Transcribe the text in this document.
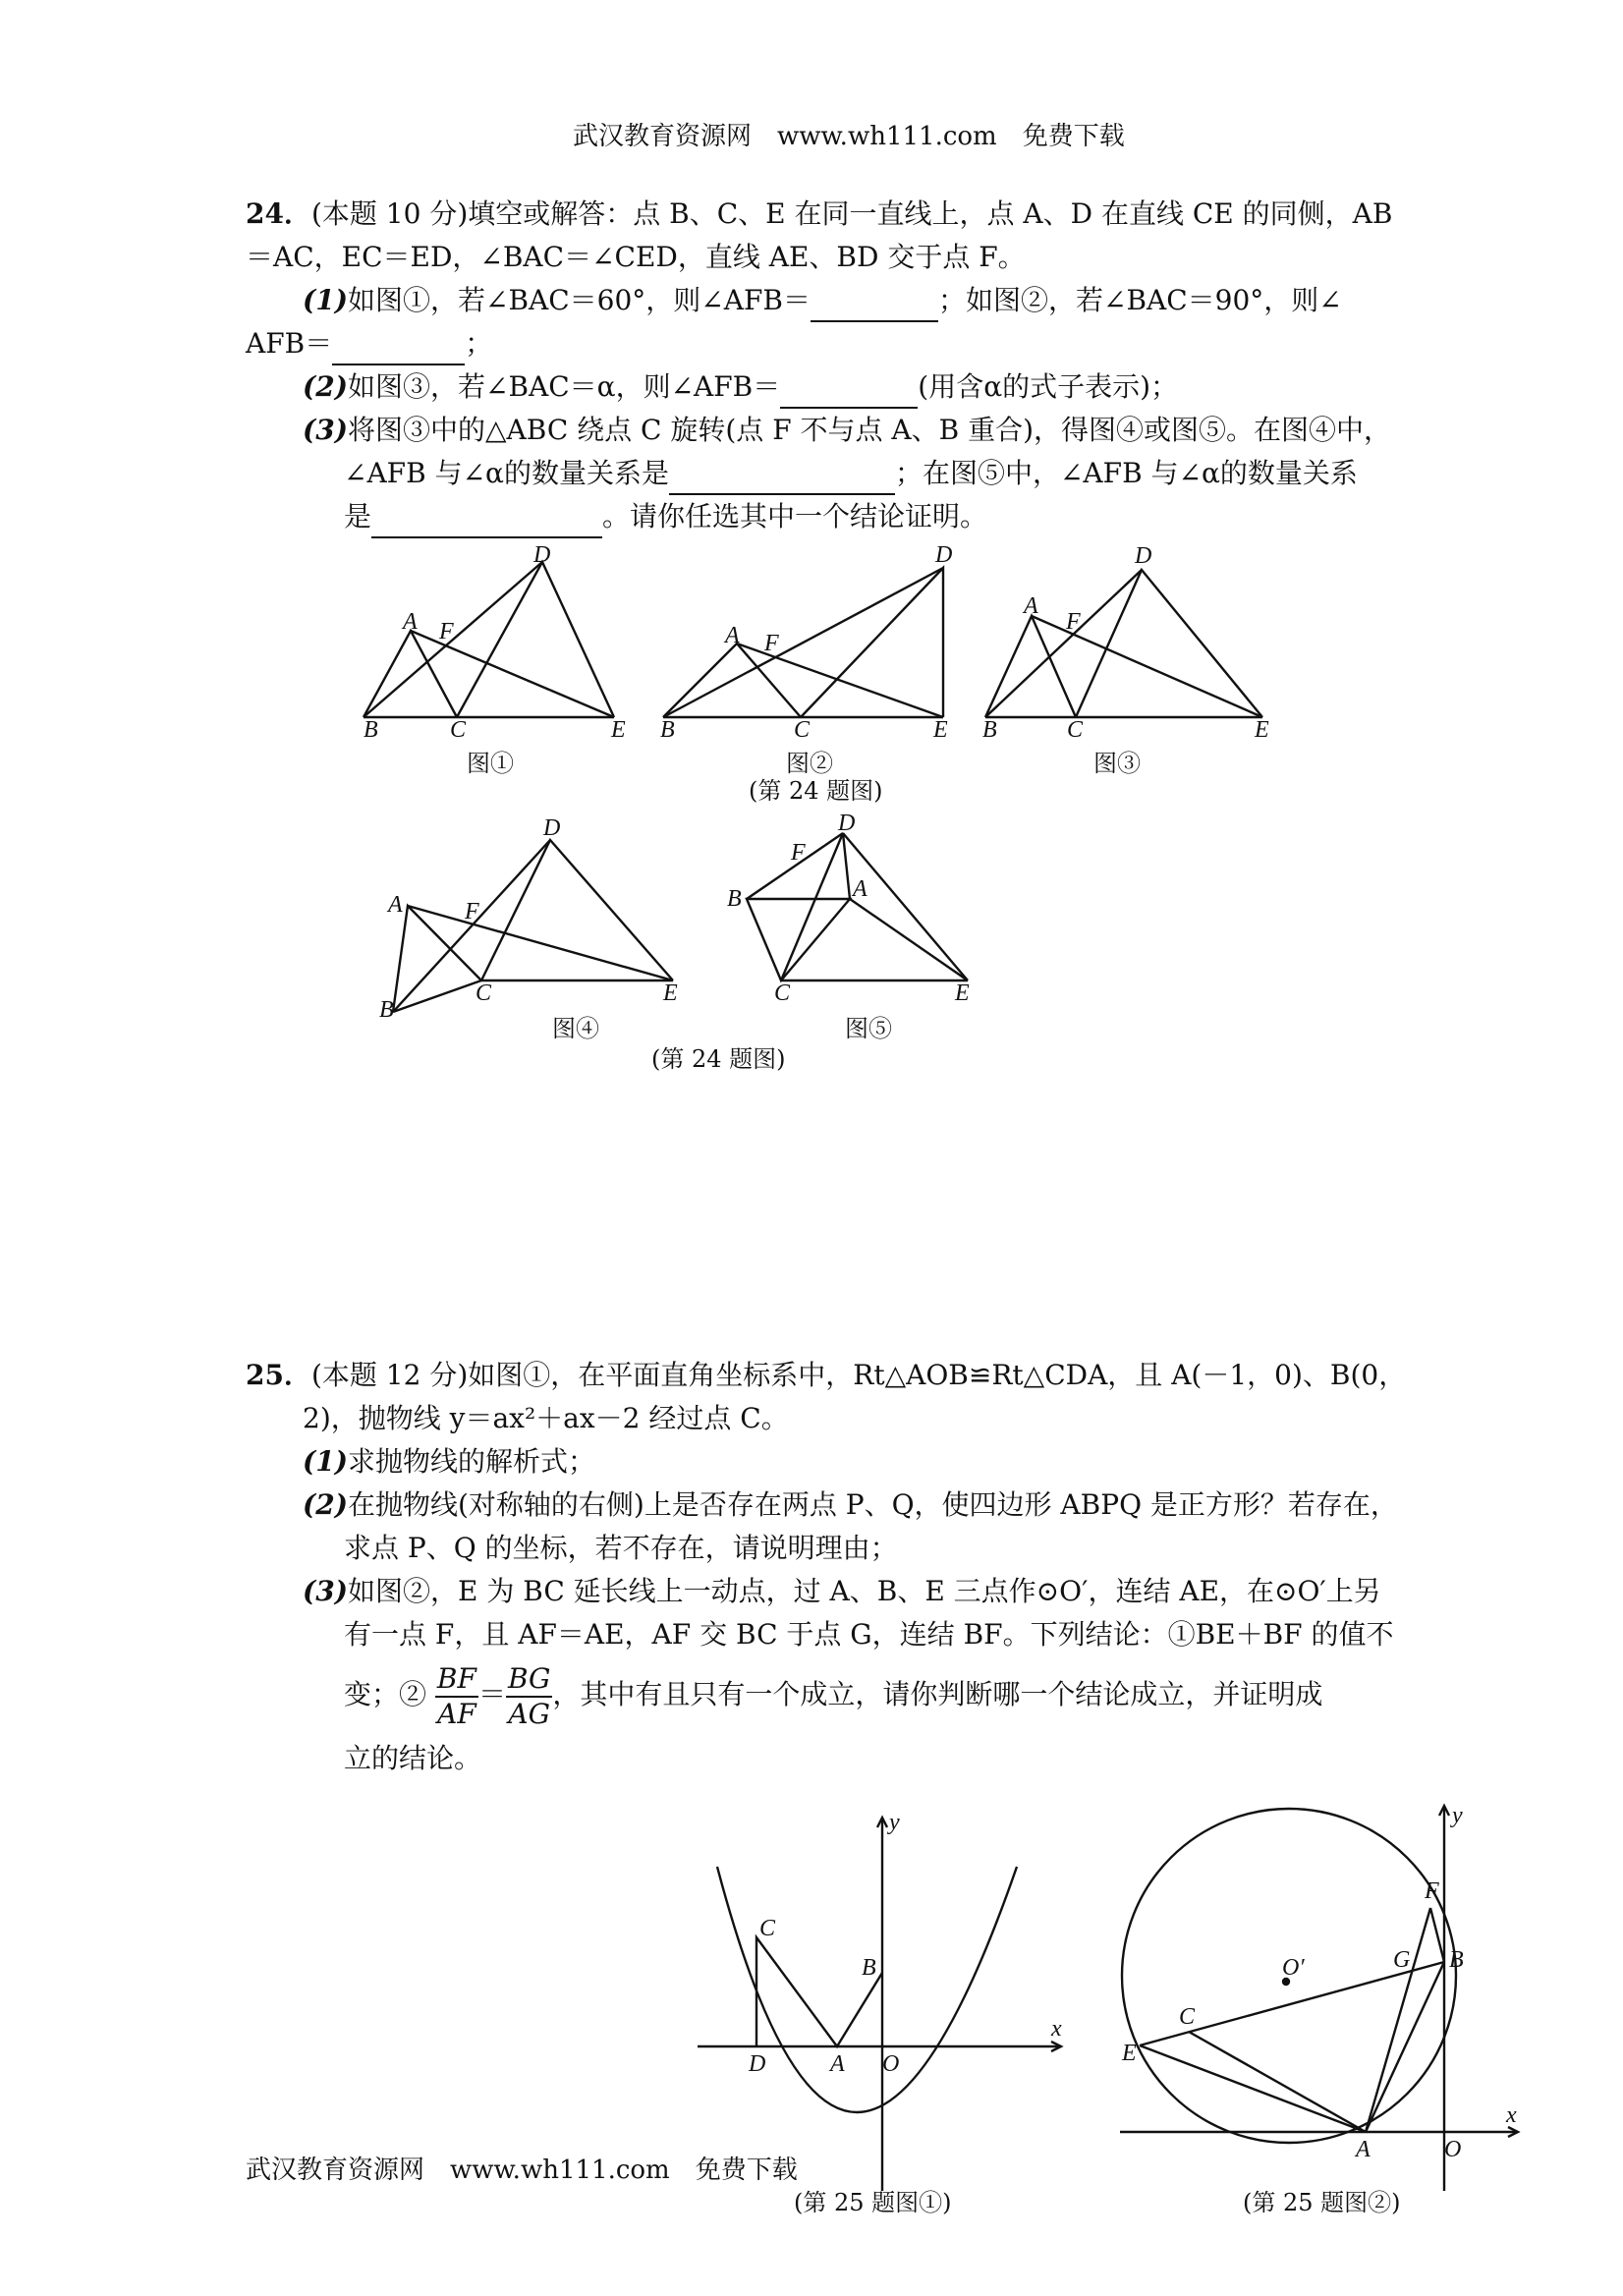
武汉教育资源网　www.wh111.com　免费下载
24．(本题 10 分)填空或解答：点 B、C、E 在同一直线上，点 A、D 在直线 CE 的同侧，AB
＝AC，EC＝ED，∠BAC＝∠CED，直线 AE、BD 交于点 F。
(1)如图①，若∠BAC＝60°，则∠AFB＝	；如图②，若∠BAC＝90°，则∠
AFB＝	；
(2)如图③，若∠BAC＝α，则∠AFB＝	(用含α的式子表示)；
(3)将图③中的△ABC 绕点 C 旋转(点 F 不与点 A、B 重合)，得图④或图⑤。在图④中，
∠AFB 与∠α的数量关系是	；在图⑤中，∠AFB 与∠α的数量关系
是	。请你任选其中一个结论证明。
B	C	E
A F
D
B	C	E
A F
D
B	C	E
A
F
D
B
C	E
A	F
D
B
C	E
A
F
D
图①	图②	图③
(第 24 题图)
图④	图⑤
(第 24 题图)
25．(本题 12 分)如图①，在平面直角坐标系中，Rt△AOB≌Rt△CDA，且 A(－1，0)、B(0，
2)，抛物线 y＝ax²＋ax－2 经过点 C。
(1)求抛物线的解析式；
(2)在抛物线(对称轴的右侧)上是否存在两点 P、Q，使四边形 ABPQ 是正方形？若存在，
求点 P、Q 的坐标，若不存在，请说明理由；
(3)如图②，E 为 BC 延长线上一动点，过 A、B、E 三点作⊙O′，连结 AE，在⊙O′上另
有一点 F，且 AF＝AE，AF 交 BC 于点 G，连结 BF。下列结论：①BE＋BF 的值不
变；② $\frac{BF}{AF} = \frac{BG}{AG}$ ，其中有且只有一个成立，请你判断哪一个结论成立，并证明成
立的结论。
x
y
C
B
D	A O
x
y
F
G B
O′
C
E
A	O
(第 25 题图①)	(第 25 题图②)
武汉教育资源网　www.wh111.com　免费下载
